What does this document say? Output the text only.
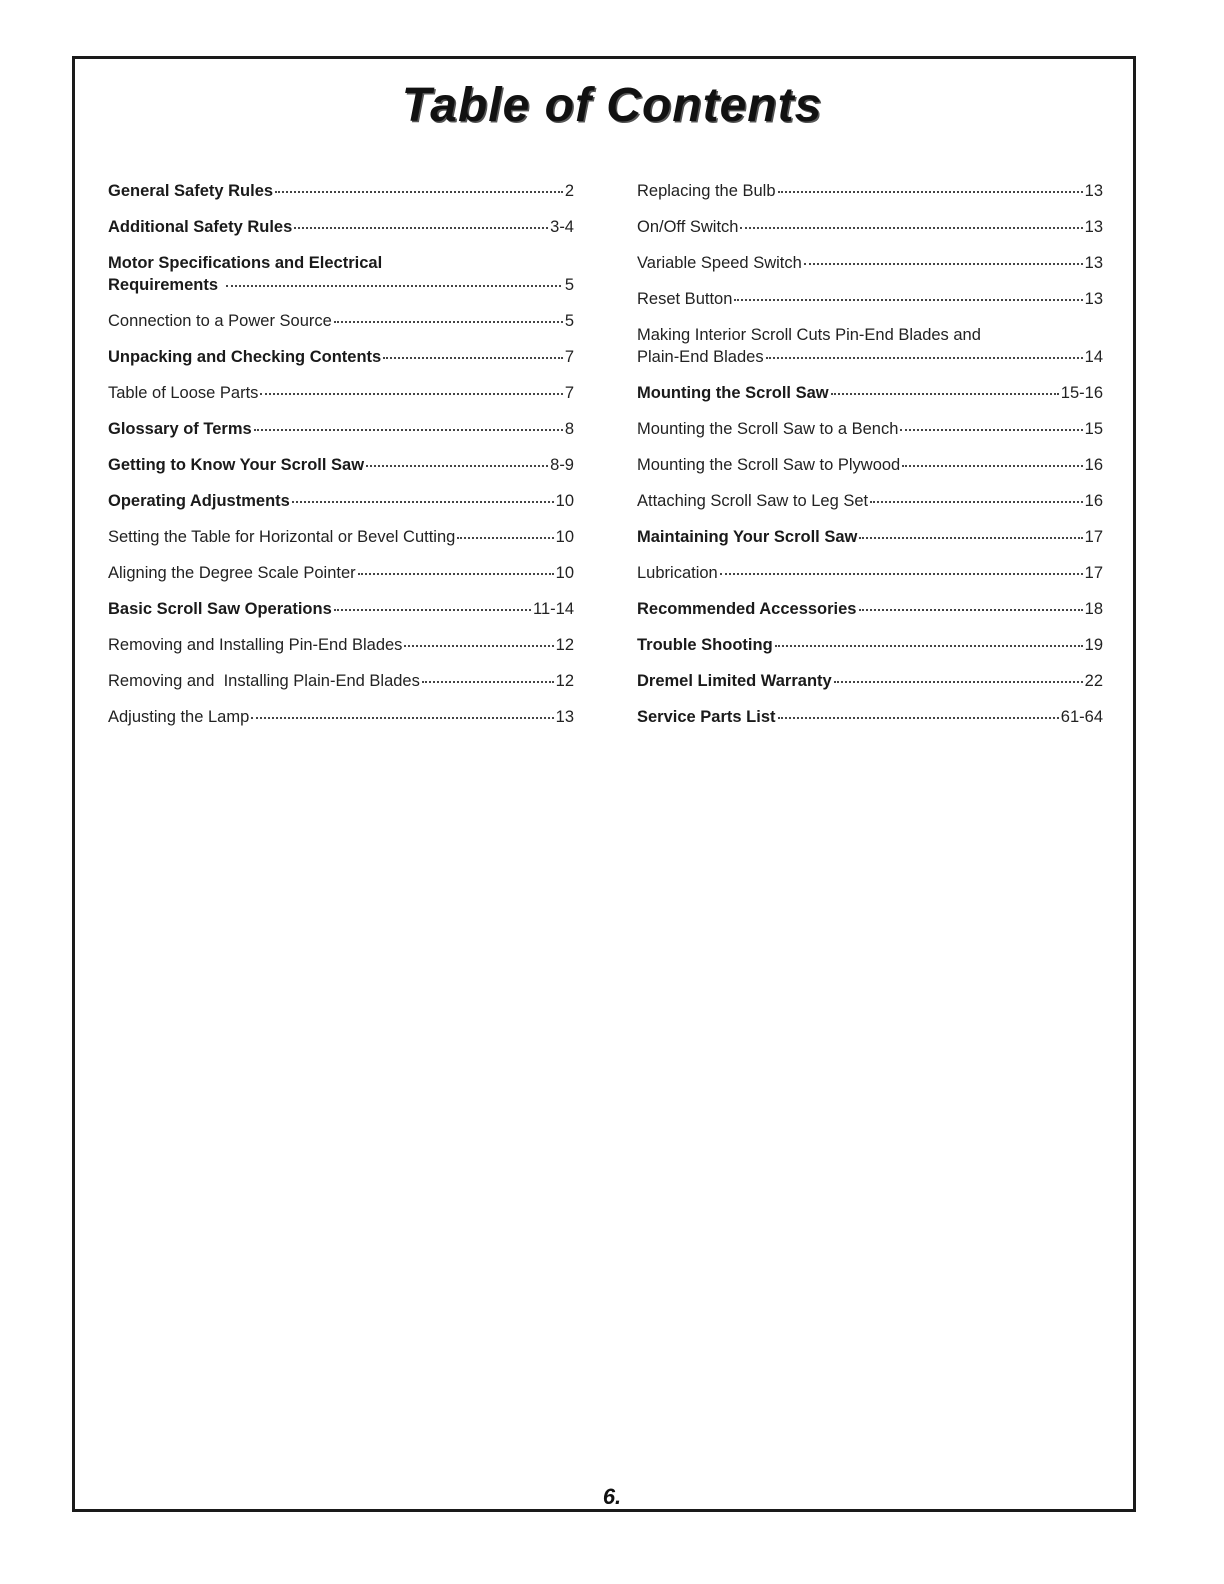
Table of Contents
General Safety Rules	2
Additional Safety Rules	3-4
Motor Specifications and Electrical
Requirements	5
Connection to a Power Source	5
Unpacking and Checking Contents	7
Table of Loose Parts	7
Glossary of Terms	8
Getting to Know Your Scroll Saw	8-9
Operating Adjustments	10
Setting the Table for Horizontal or Bevel Cutting	10
Aligning the Degree Scale Pointer	10
Basic Scroll Saw Operations	11-14
Removing and Installing Pin-End Blades	12
Removing and  Installing Plain-End Blades	12
Adjusting the Lamp	13
Replacing the Bulb	13
On/Off Switch	13
Variable Speed Switch	13
Reset Button	13
Making Interior Scroll Cuts Pin-End Blades and
Plain-End Blades	14
Mounting the Scroll Saw	15-16
Mounting the Scroll Saw to a Bench	15
Mounting the Scroll Saw to Plywood	16
Attaching Scroll Saw to Leg Set	16
Maintaining Your Scroll Saw	17
Lubrication	17
Recommended Accessories	18
Trouble Shooting	19
Dremel Limited Warranty	22
Service Parts List	61-64
6.
